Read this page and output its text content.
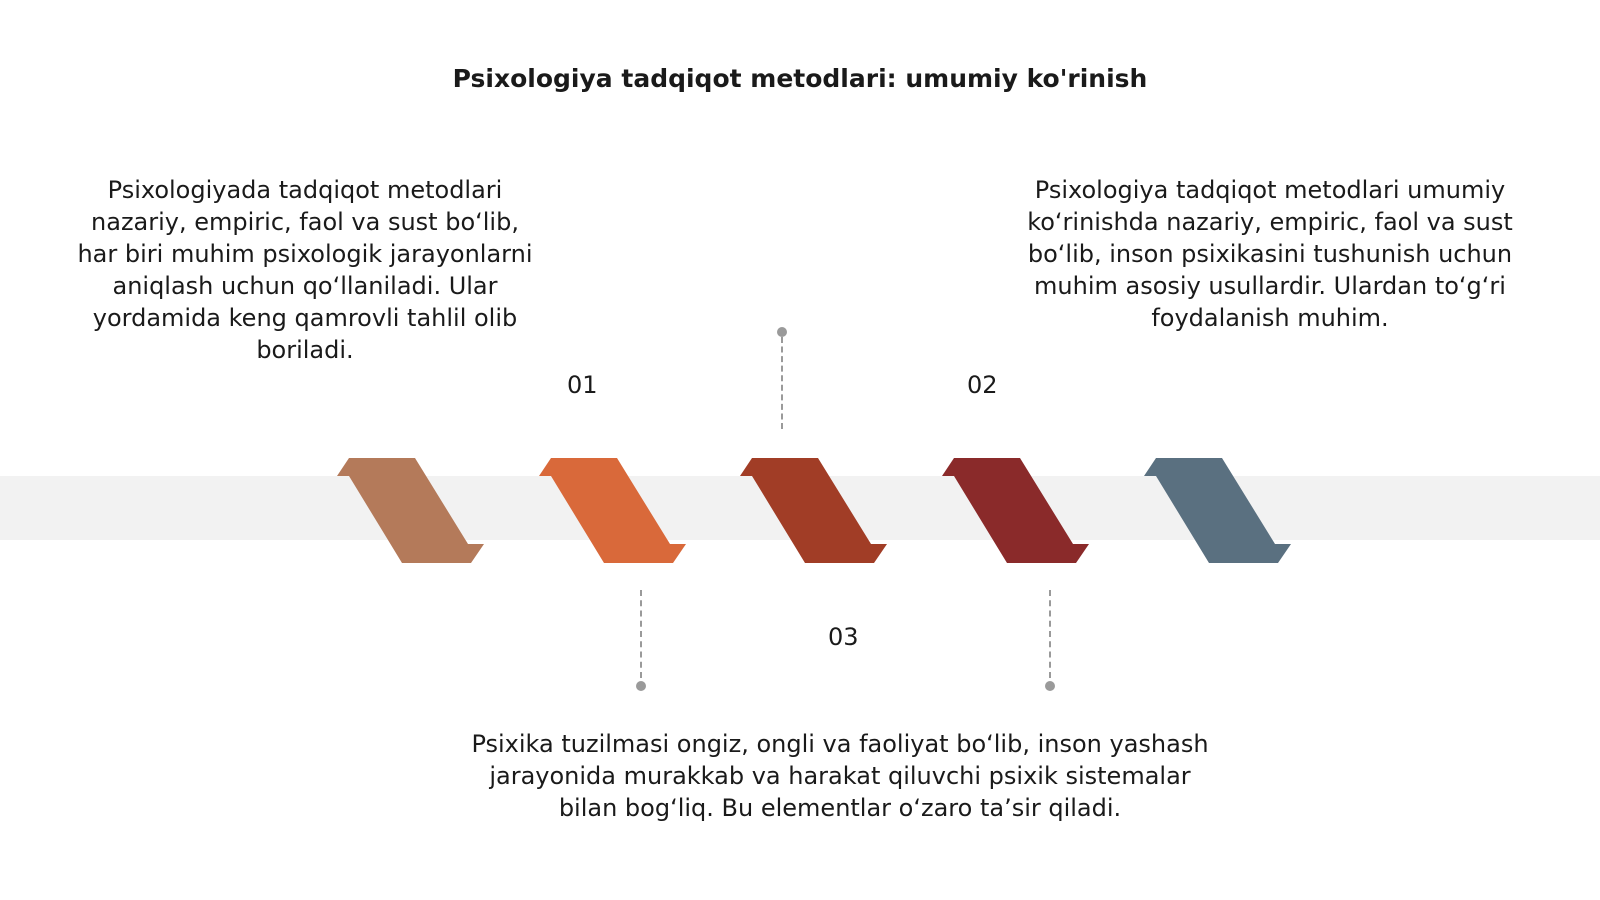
Psixologiya tadqiqot metodlari: umumiy ko'rinish
Psixologiyada tadqiqot metodlari nazariy, empiric, faol va sust bo‘lib, har biri muhim psixologik jarayonlarni aniqlash uchun qo‘llaniladi. Ular yordamida keng qamrovli tahlil olib boriladi.
Psixologiya tadqiqot metodlari umumiy ko‘rinishda nazariy, empiric, faol va sust bo‘lib, inson psixikasini tushunish uchun muhim asosiy usullardir. Ulardan to‘g‘ri foydalanish muhim.
Psixika tuzilmasi ongiz, ongli va faoliyat bo‘lib, inson yashash jarayonida murakkab va harakat qiluvchi psixik sistemalar bilan bog‘liq. Bu elementlar o‘zaro ta’sir qiladi.
01	02
03
